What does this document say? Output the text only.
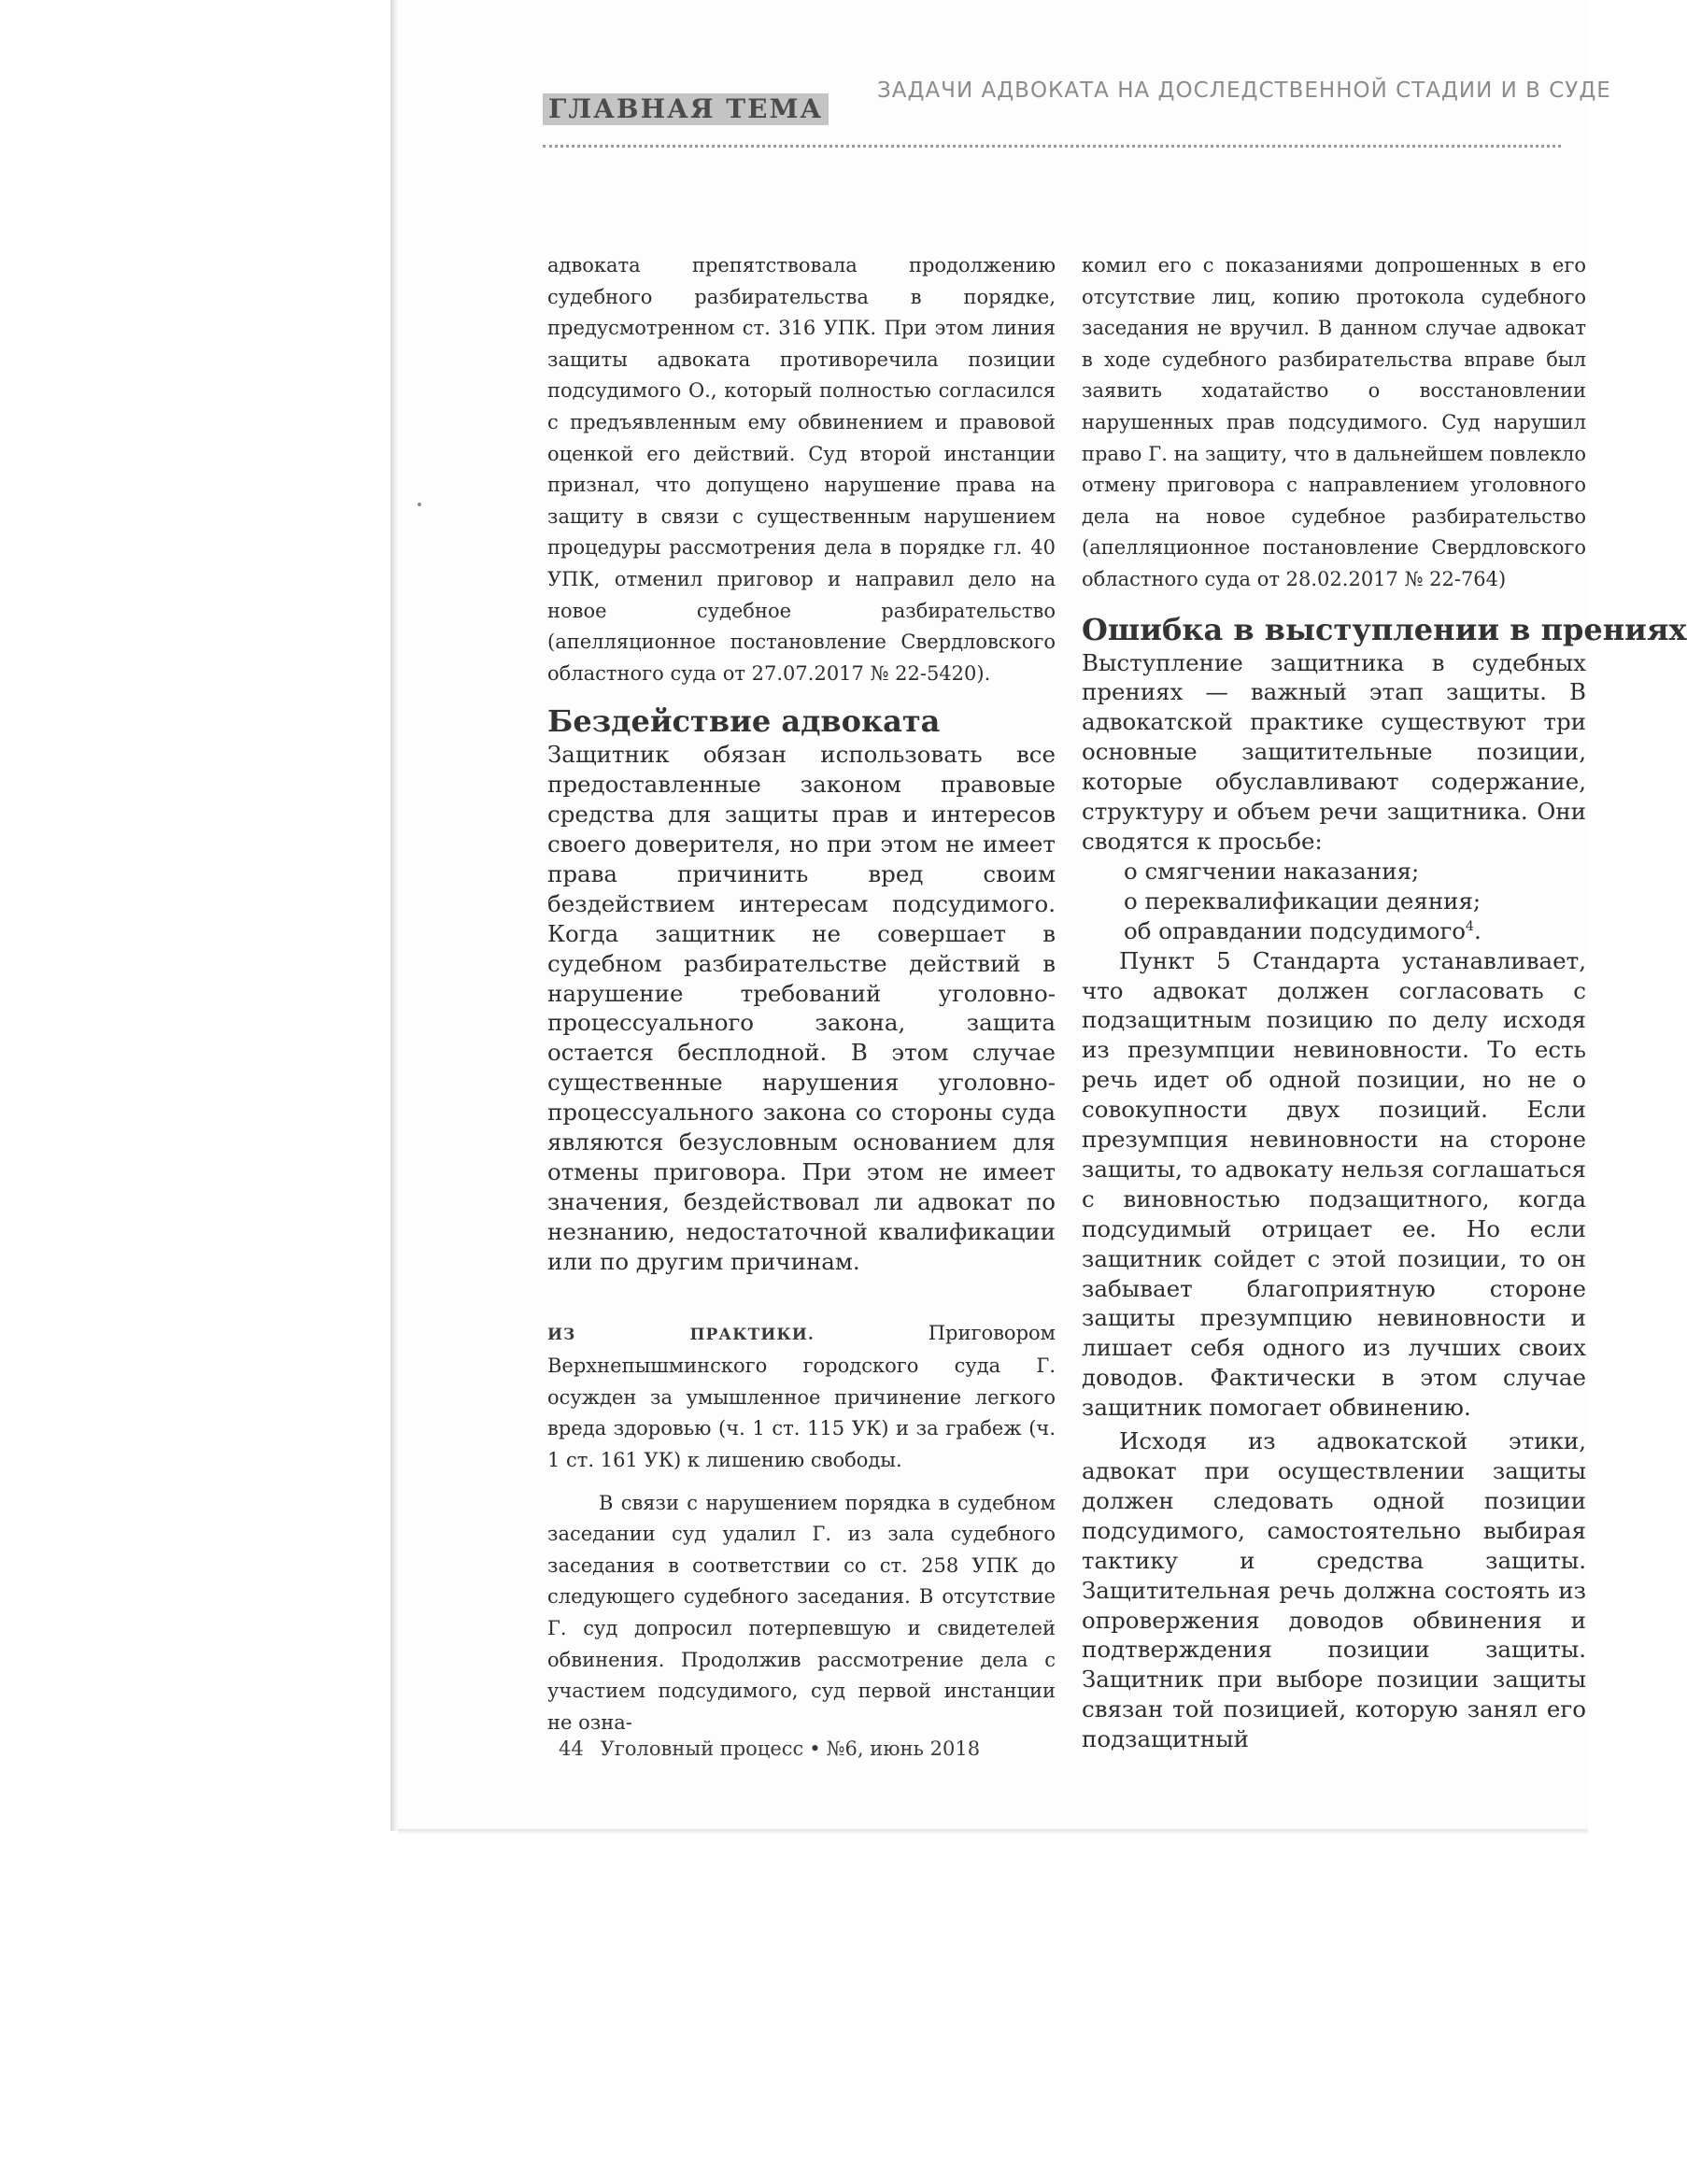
ГЛАВНАЯ ТЕМА
ЗАДАЧИ АДВОКАТА НА ДОСЛЕДСТВЕННОЙ СТАДИИ И В СУДЕ

адвоката препятствовала продолжению судебного разбирательства в порядке, предусмотренном ст. 316 УПК. При этом линия защиты адвоката противоречила позиции подсудимого О., который полностью согласился с предъявленным ему обвинением и правовой оценкой его действий. Суд второй инстанции признал, что допущено нарушение права на защиту в связи с существенным нарушением процедуры рассмотрения дела в порядке гл. 40 УПК, отменил приговор и направил дело на новое судебное разбирательство (апелляционное постановление Свердловского областного суда от 27.07.2017 № 22-5420).

Бездействие адвоката

Защитник обязан использовать все предоставленные законом правовые средства для защиты прав и интересов своего доверителя, но при этом не имеет права причинить вред своим бездействием интересам подсудимого. Когда защитник не совершает в судебном разбирательстве действий в нарушение требований уголовно-процессуального закона, защита остается бесплодной. В этом случае существенные нарушения уголовно-процессуального закона со стороны суда являются безусловным основанием для отмены приговора. При этом не имеет значения, бездействовал ли адвокат по незнанию, недостаточной квалификации или по другим причинам.

ИЗ ПРАКТИКИ.	Приговором Верхнепышминского городского суда Г. осужден за умышленное причинение легкого вреда здоровью (ч. 1 ст. 115 УК) и за грабеж (ч. 1 ст. 161 УК) к лишению свободы.

В связи с нарушением порядка в судебном заседании суд удалил Г. из зала судебного заседания в соответствии со ст. 258 УПК до следующего судебного заседания. В отсутствие Г. суд допросил потерпевшую и свидетелей обвинения. Продолжив рассмотрение дела с участием подсудимого, суд первой инстанции не озна-

комил его с показаниями допрошенных в его отсутствие лиц, копию протокола судебного заседания не вручил. В данном случае адвокат в ходе судебного разбирательства вправе был заявить ходатайство о восстановлении нарушенных прав подсудимого. Суд нарушил право Г. на защиту, что в дальнейшем повлекло отмену приговора с направлением уголовного дела на новое судебное разбирательство (апелляционное постановление Свердловского областного суда от 28.02.2017 № 22-764)

Ошибка в выступлении в прениях

Выступление защитника в судебных прениях — важный этап защиты. В адвокатской практике существуют три основные защитительные позиции, которые обуславливают содержание, структуру и объем речи защитника. Они сводятся к просьбе:

о смягчении наказания;

о переквалификации деяния;

об оправдании подсудимого$^4$.

Пункт 5 Стандарта устанавливает, что адвокат должен согласовать с подзащитным позицию по делу исходя из презумпции невиновности. То есть речь идет об одной позиции, но не о совокупности двух позиций. Если презумпция невиновности на стороне защиты, то адвокату нельзя соглашаться с виновностью подзащитного, когда подсудимый отрицает ее. Но если защитник сойдет с этой позиции, то он забывает благоприятную стороне защиты презумпцию невиновности и лишает себя одного из лучших своих доводов. Фактически в этом случае защитник помогает обвинению.

Исходя из адвокатской этики, адвокат при осуществлении защиты должен следовать одной позиции подсудимого, самостоятельно выбирая тактику и средства защиты. Защитительная речь должна состоять из опровержения доводов обвинения и подтверждения позиции защиты. Защитник при выборе позиции защиты связан той позицией, которую занял его подзащитный

44 Уголовный процесс • №6, июнь 2018
